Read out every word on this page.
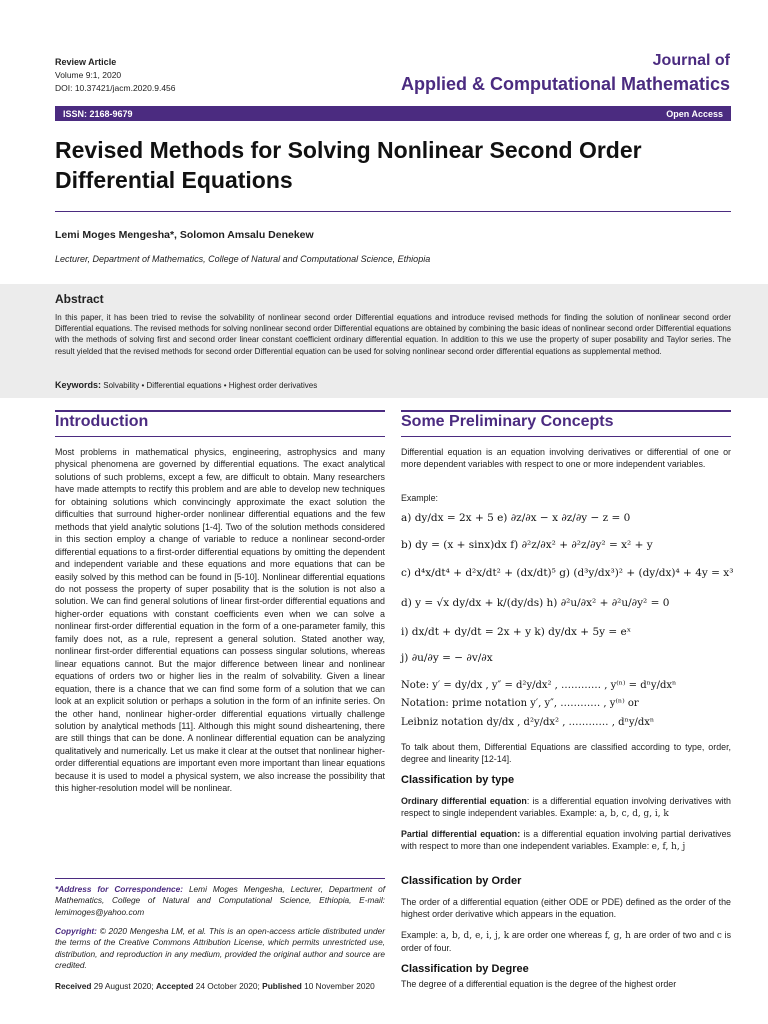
Review Article
Volume 9:1, 2020
DOI: 10.37421/jacm.2020.9.456
Journal of
Applied & Computational Mathematics
ISSN: 2168-9679	Open Access
Revised Methods for Solving Nonlinear Second Order Differential Equations
Lemi Moges Mengesha*, Solomon Amsalu Denekew
Lecturer, Department of Mathematics, College of Natural and Computational Science, Ethiopia
Abstract
In this paper, it has been tried to revise the solvability of nonlinear second order Differential equations and introduce revised methods for finding the solution of nonlinear second order Differential equations. The revised methods for solving nonlinear second order Differential equations are obtained by combining the basic ideas of nonlinear second order Differential equations with the methods of solving first and second order linear constant coefficient ordinary differential equation. In addition to this we use the property of super posability and Taylor series. The result yielded that the revised methods for second order Differential equation can be used for solving nonlinear second order differential equations as supplemental method.
Keywords: Solvability • Differential equations • Highest order derivatives
Introduction
Most problems in mathematical physics, engineering, astrophysics and many physical phenomena are governed by differential equations. The exact analytical solutions of such problems, except a few, are difficult to obtain. Many researchers have made attempts to rectify this problem and are able to develop new techniques for obtaining solutions which convincingly approximate the exact solution the difficulties that surround higher-order nonlinear differential equations and the few methods that yield analytic solutions [1-4]. Two of the solution methods considered in this section employ a change of variable to reduce a nonlinear second-order differential equations to a first-order differential equations by omitting the dependent and independent variable and these equations and more equations that can be easily solved by this method can be found in [5-10]. Nonlinear differential equations do not possess the property of super posability that is the solution is not also a solution. We can find general solutions of linear first-order differential equations and higher-order equations with constant coefficients even when we can solve a nonlinear first-order differential equation in the form of a one-parameter family, this family does not, as a rule, represent a general solution. Stated another way, nonlinear first-order differential equations can possess singular solutions, whereas linear equations cannot. But the major difference between linear and nonlinear equations of orders two or higher lies in the realm of solvability. Given a linear equation, there is a chance that we can find some form of a solution that we can look at an explicit solution or perhaps a solution in the form of an infinite series. On the other hand, nonlinear higher-order differential equations virtually challenge solution by analytical methods [11]. Although this might sound disheartening, there are still things that can be done. A nonlinear differential equation can be analyzing qualitatively and numerically. Let us make it clear at the outset that nonlinear higher-order differential equations are important even more important than linear equations because it is used to model a physical system, we also increase the possibility that this higher-resolution model will be nonlinear.
*Address for Correspondence: Lemi Moges Mengesha, Lecturer, Department of Mathematics, College of Natural and Computational Science, Ethiopia, E-mail: lemimoges@yahoo.com
Copyright: © 2020 Mengesha LM, et al. This is an open-access article distributed under the terms of the Creative Commons Attribution License, which permits unrestricted use, distribution, and reproduction in any medium, provided the original author and source are credited.
Received 29 August 2020; Accepted 24 October 2020; Published 10 November 2020
Some Preliminary Concepts
Differential equation is an equation involving derivatives or differential of one or more dependent variables with respect to one or more independent variables.
Example:
a) dy/dx = 2x + 5 e) ∂z/∂x − x ∂z/∂y − z = 0
b) dy = (x + sinx)dx f) ∂²z/∂x² + ∂²z/∂y² = x² + y
c) d⁴x/dt⁴ + d²x/dt² + (dx/dt)⁵ g) (d³y/dx³)² + (dy/dx)⁴ + 4y = x³
d) y = √x dy/dx + k/(dy/ds) h) ∂²u/∂x² + ∂²u/∂y² = 0
i) dx/dt + dy/dt = 2x + y k) dy/dx + 5y = eˣ
j) ∂u/∂y = − ∂v/∂x
Note: y′ = dy/dx , y″ = d²y/dx² , ………… , y⁽ⁿ⁾ = dⁿy/dxⁿ
Notation: prime notation y′, y″, ………… , y⁽ⁿ⁾ or
Leibniz notation dy/dx , d²y/dx² , ………… , dⁿy/dxⁿ
To talk about them, Differential Equations are classified according to type, order, degree and linearity [12-14].
Classification by type
Ordinary differential equation: is a differential equation involving derivatives with respect to single independent variables. Example: a, b, c, d, g, i, k
Partial differential equation: is a differential equation involving partial derivatives with respect to more than one independent variables. Example: e, f, h, j
Classification by Order
The order of a differential equation (either ODE or PDE) defined as the order of the highest order derivative which appears in the equation.
Example: a, b, d, e, i, j, k are order one whereas f, g, h are order of two and c is order of four.
Classification by Degree
The degree of a differential equation is the degree of the highest order
